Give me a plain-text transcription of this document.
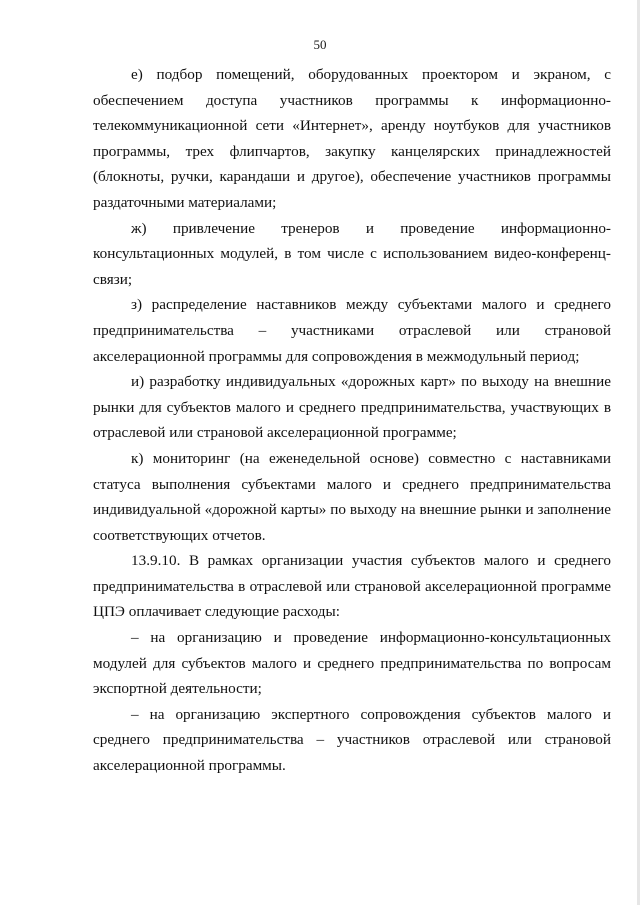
50

е) подбор помещений, оборудованных проектором и экраном, с обеспечением доступа участников программы к информационно-телекоммуникационной сети «Интернет», аренду ноутбуков для участников программы, трех флипчартов, закупку канцелярских принадлежностей (блокноты, ручки, карандаши и другое), обеспечение участников программы раздаточными материалами;

ж) привлечение тренеров и проведение информационно-консультационных модулей, в том числе с использованием видео-конференц-связи;

з) распределение наставников между субъектами малого и среднего предпринимательства – участниками отраслевой или страновой акселерационной программы для сопровождения в межмодульный период;

и) разработку индивидуальных «дорожных карт» по выходу на внешние рынки для субъектов малого и среднего предпринимательства, участвующих в отраслевой или страновой акселерационной программе;

к) мониторинг (на еженедельной основе) совместно с наставниками статуса выполнения субъектами малого и среднего предпринимательства индивидуальной «дорожной карты» по выходу на внешние рынки и заполнение соответствующих отчетов.

13.9.10. В рамках организации участия субъектов малого и среднего предпринимательства в отраслевой или страновой акселерационной программе ЦПЭ оплачивает следующие расходы:

– на организацию и проведение информационно-консультационных модулей для субъектов малого и среднего предпринимательства по вопросам экспортной деятельности;

– на организацию экспертного сопровождения субъектов малого и среднего предпринимательства – участников отраслевой или страновой акселерационной программы.
